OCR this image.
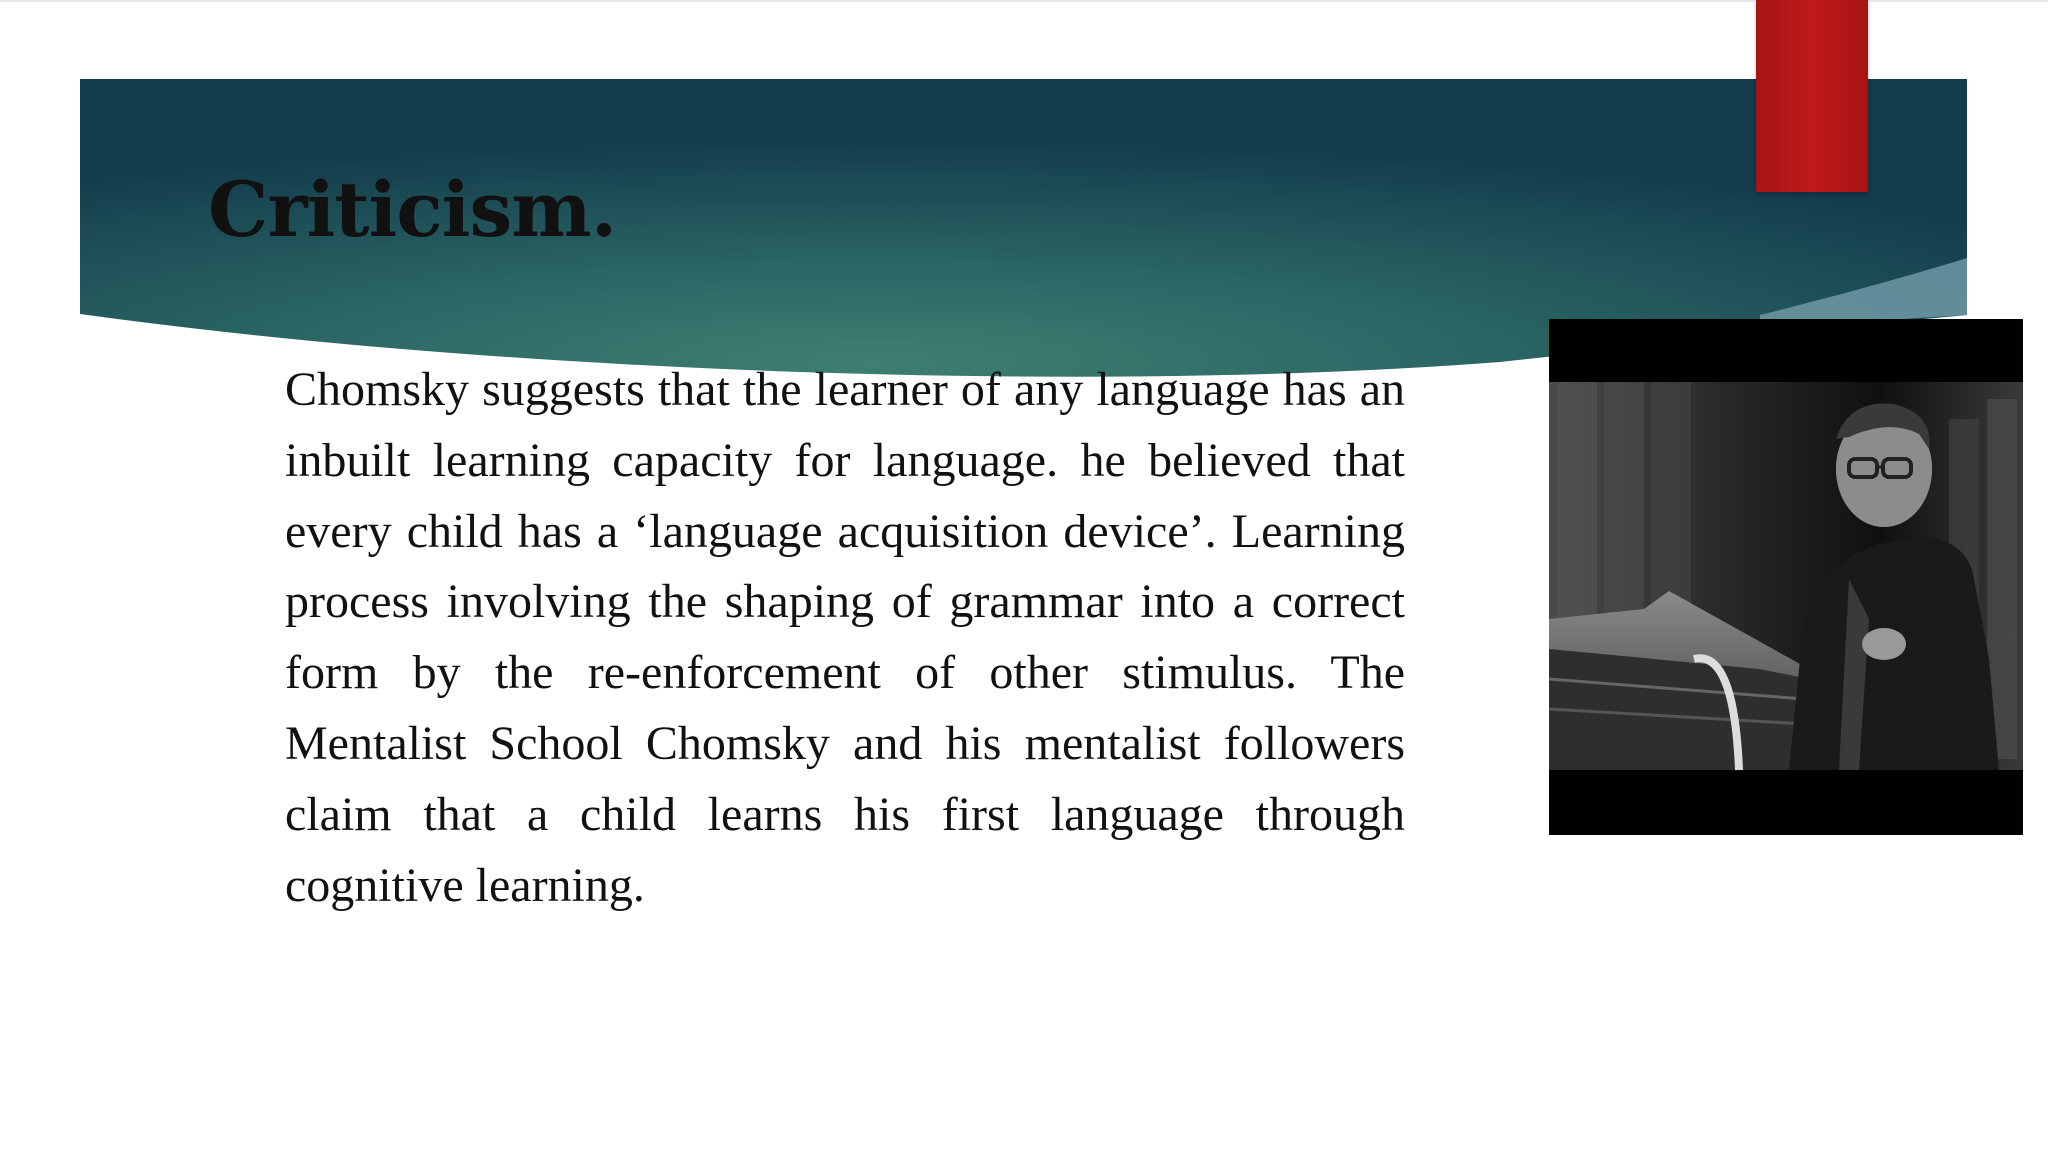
Criticism.

Chomsky suggests that the learner of any language has an inbuilt learning capacity for language. he believed that every child has a ‘language acquisition device’. Learning process involving the shaping of grammar into a correct form by the re-enforcement of other stimulus. The Mentalist School Chomsky and his mentalist followers claim that a child learns his first language through cognitive learning.
